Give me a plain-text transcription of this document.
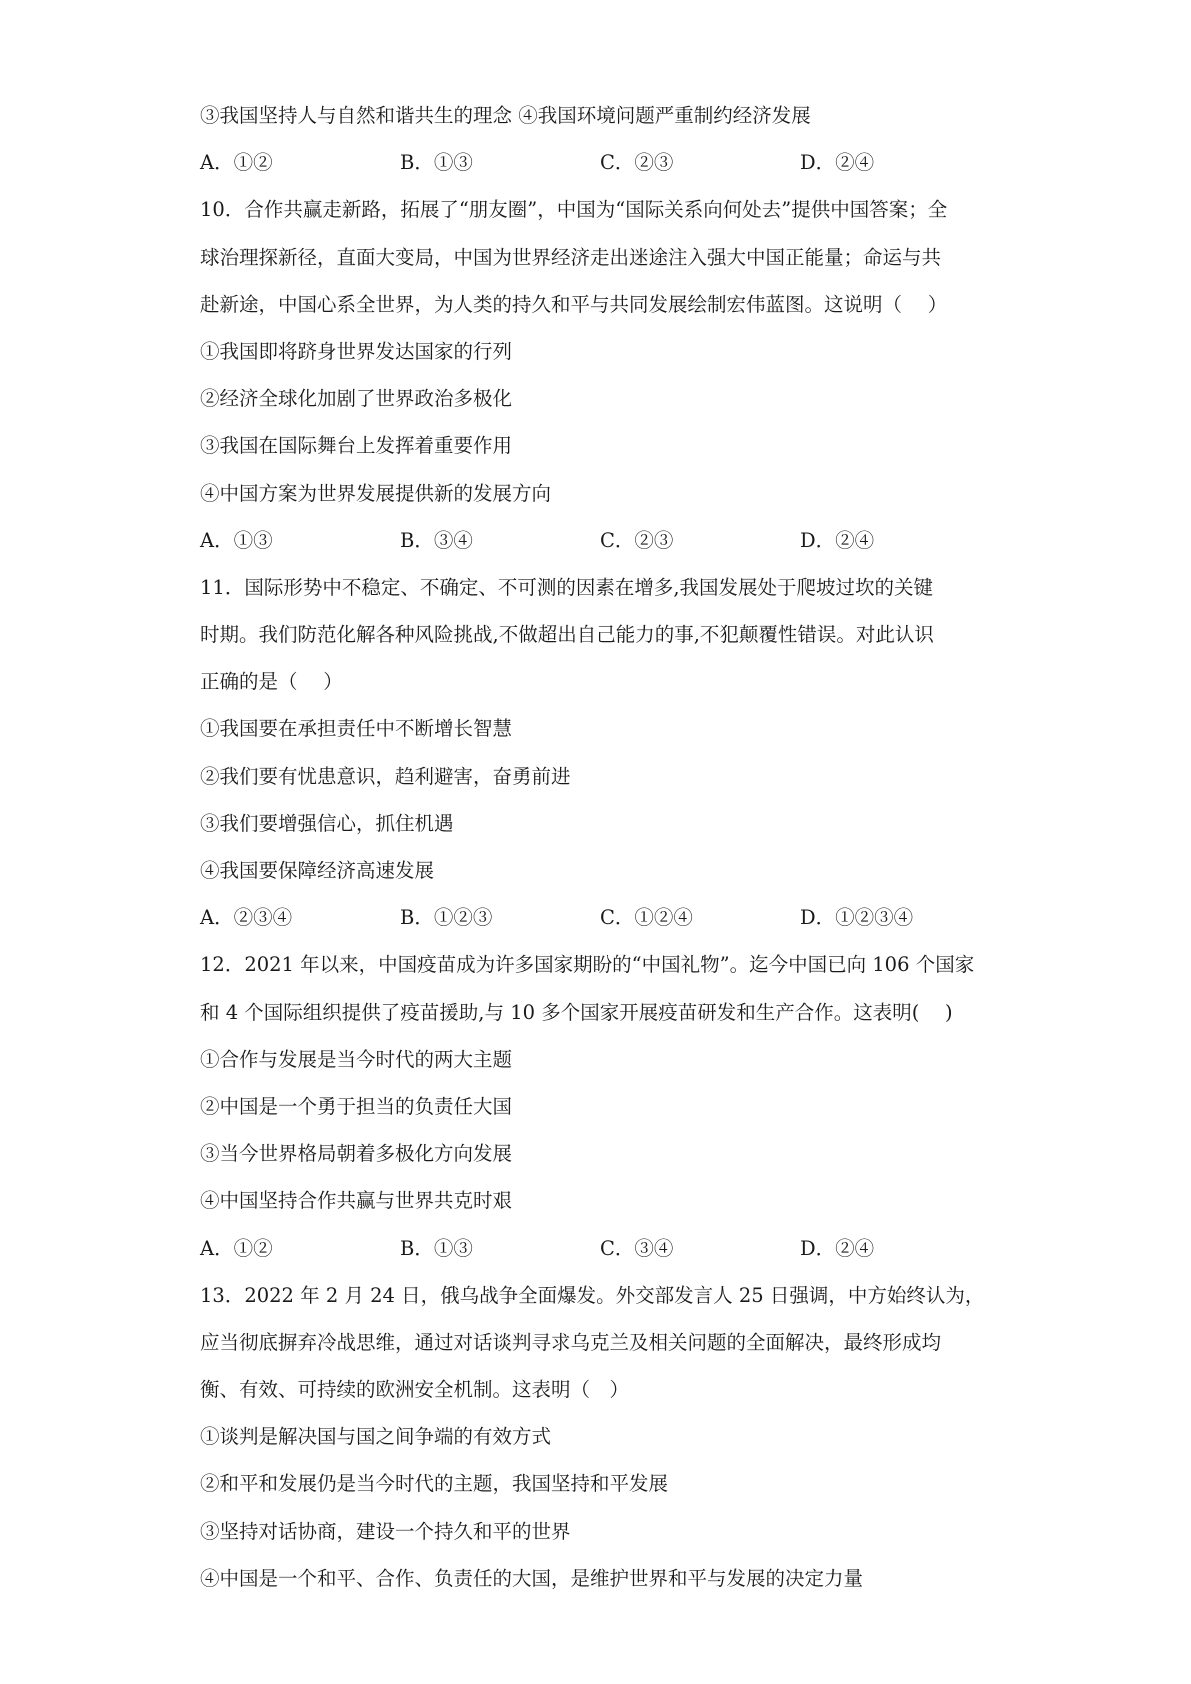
③我国坚持人与自然和谐共生的理念 ④我国环境问题严重制约经济发展
A．①②	B．①③	C．②③	D．②④
10．合作共赢走新路，拓展了“朋友圈”，中国为“国际关系向何处去”提供中国答案；全
球治理探新径，直面大变局，中国为世界经济走出迷途注入强大中国正能量；命运与共
赴新途，中国心系全世界，为人类的持久和平与共同发展绘制宏伟蓝图。这说明（　 ）
①我国即将跻身世界发达国家的行列
②经济全球化加剧了世界政治多极化
③我国在国际舞台上发挥着重要作用
④中国方案为世界发展提供新的发展方向
A．①③	B．③④	C．②③	D．②④
11．国际形势中不稳定、不确定、不可测的因素在增多,我国发展处于爬坡过坎的关键
时期。我们防范化解各种风险挑战,不做超出自己能力的事,不犯颠覆性错误。对此认识
正确的是（　 ）
①我国要在承担责任中不断增长智慧
②我们要有忧患意识，趋利避害，奋勇前进
③我们要增强信心，抓住机遇
④我国要保障经济高速发展
A．②③④	B．①②③	C．①②④	D．①②③④
12．2021 年以来，中国疫苗成为许多国家期盼的“中国礼物”。迄今中国已向 106 个国家
和 4 个国际组织提供了疫苗援助,与 10 多个国家开展疫苗研发和生产合作。这表明(　 )
①合作与发展是当今时代的两大主题
②中国是一个勇于担当的负责任大国
③当今世界格局朝着多极化方向发展
④中国坚持合作共赢与世界共克时艰
A．①②	B．①③	C．③④	D．②④
13．2022 年 2 月 24 日，俄乌战争全面爆发。外交部发言人 25 日强调，中方始终认为，
应当彻底摒弃冷战思维，通过对话谈判寻求乌克兰及相关问题的全面解决，最终形成均
衡、有效、可持续的欧洲安全机制。这表明（　）
①谈判是解决国与国之间争端的有效方式
②和平和发展仍是当今时代的主题，我国坚持和平发展
③坚持对话协商，建设一个持久和平的世界
④中国是一个和平、合作、负责任的大国，是维护世界和平与发展的决定力量
